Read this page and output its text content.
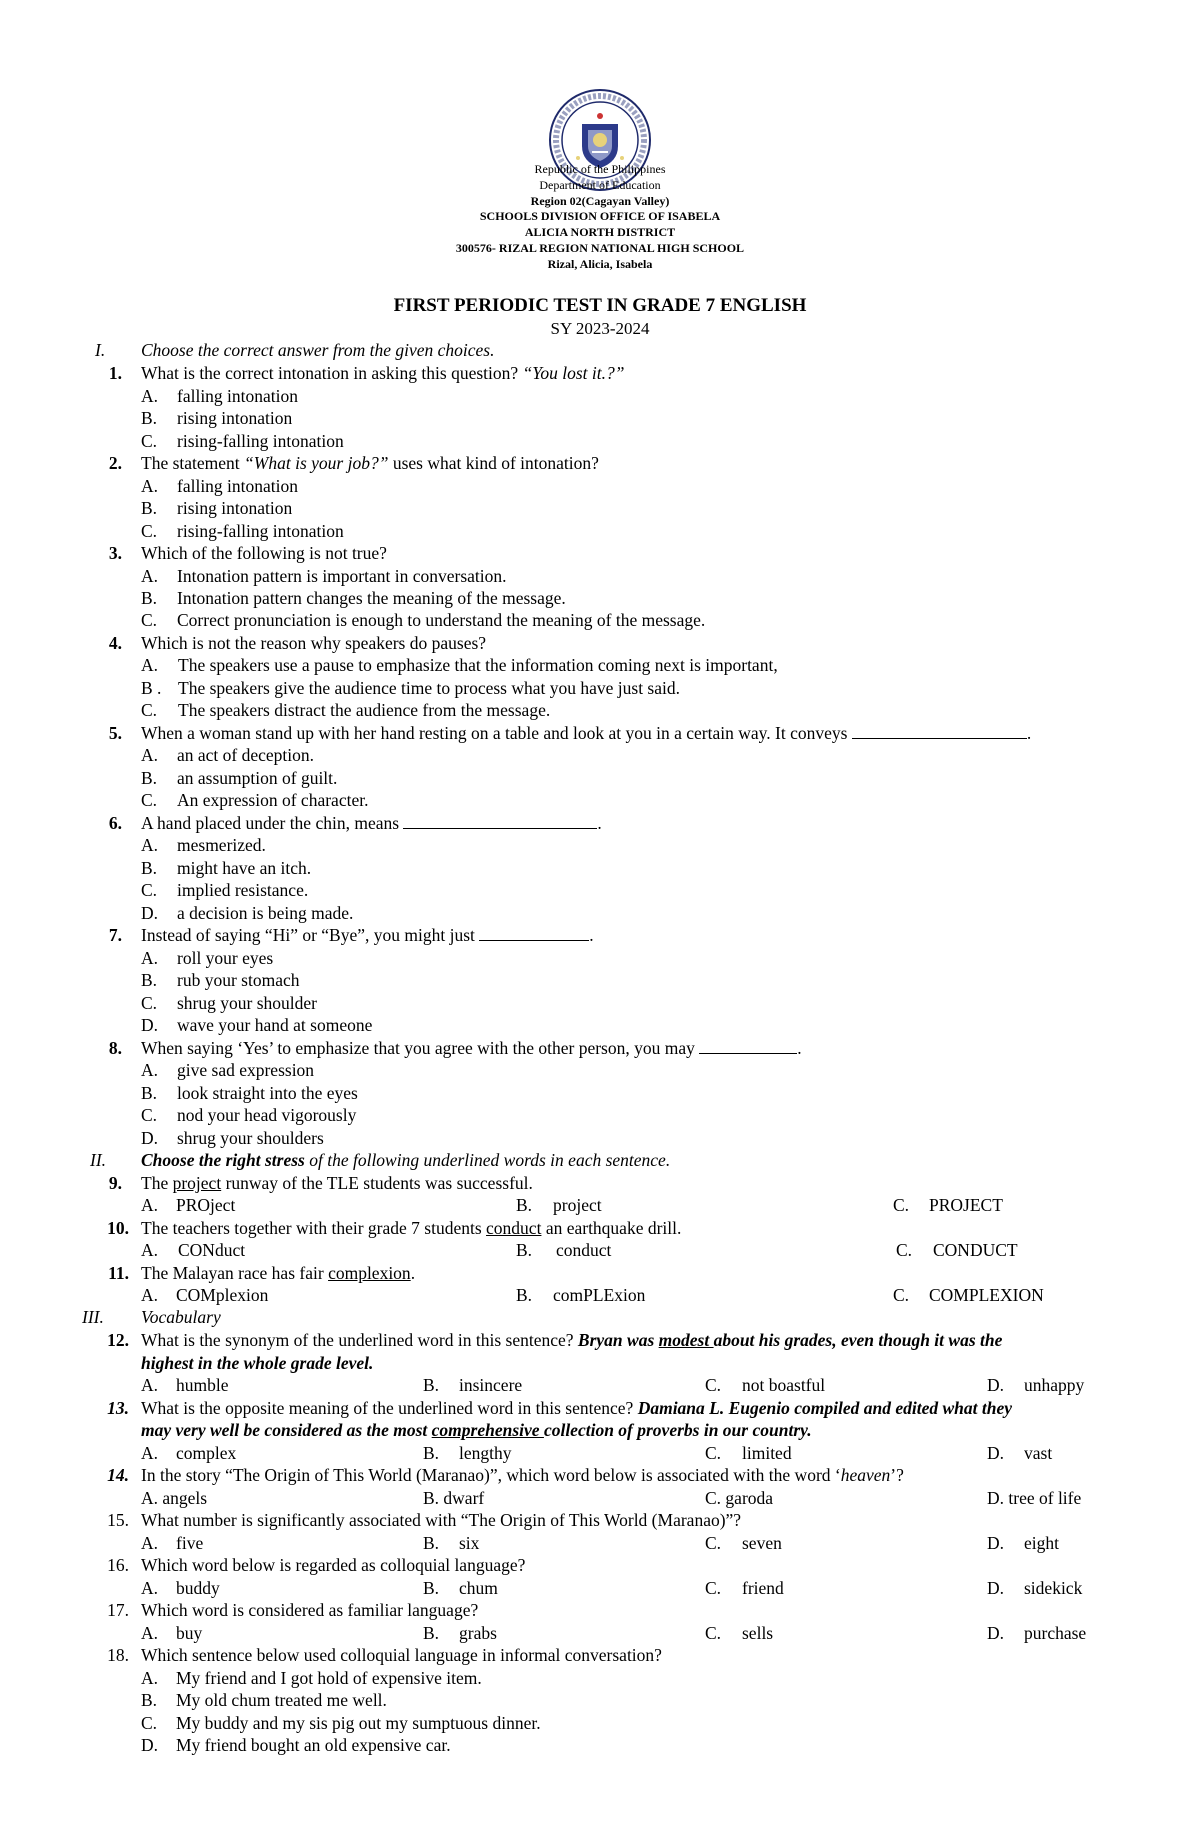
Republic of the Philippines
Department of Education
Region 02(Cagayan Valley)
SCHOOLS DIVISION OFFICE OF ISABELA
ALICIA NORTH DISTRICT
300576- RIZAL REGION NATIONAL HIGH SCHOOL
Rizal, Alicia, Isabela
FIRST PERIODIC TEST IN GRADE 7 ENGLISH
SY 2023-2024
I. Choose the correct answer from the given choices.
1. What is the correct intonation in asking this question? “You lost it.?”
A. falling intonation
B. rising intonation
C. rising-falling intonation
2. The statement “What is your job?” uses what kind of intonation?
A. falling intonation
B. rising intonation
C. rising-falling intonation
3. Which of the following is not true?
A. Intonation pattern is important in conversation.
B. Intonation pattern changes the meaning of the message.
C. Correct pronunciation is enough to understand the meaning of the message.
4. Which is not the reason why speakers do pauses?
A. The speakers use a pause to emphasize that the information coming next is important,
B . The speakers give the audience time to process what you have just said.
C. The speakers distract the audience from the message.
5. When a woman stand up with her hand resting on a table and look at you in a certain way. It conveys	.
A. an act of deception.
B. an assumption of guilt.
C. An expression of character.
6. A hand placed under the chin, means	.
A. mesmerized.
B. might have an itch.
C. implied resistance.
D. a decision is being made.
7. Instead of saying “Hi” or “Bye”, you might just	.
A. roll your eyes
B. rub your stomach
C. shrug your shoulder
D. wave your hand at someone
8. When saying ‘Yes’ to emphasize that you agree with the other person, you may	.
A. give sad expression
B. look straight into the eyes
C. nod your head vigorously
D. shrug your shoulders
II. Choose the right stress of the following underlined words in each sentence.
9. The project runway of the TLE students was successful.
A. PROject	B. project	C. PROJECT
10. The teachers together with their grade 7 students conduct an earthquake drill.
A. CONduct	B. conduct	C. CONDUCT
11. The Malayan race has fair complexion.
A. COMplexion	B. comPLExion	C. COMPLEXION
III. Vocabulary
12. What is the synonym of the underlined word in this sentence? Bryan was modest about his grades, even though it was the
highest in the whole grade level.
A. humble	B. insincere	C. not boastful	D. unhappy
13. What is the opposite meaning of the underlined word in this sentence? Damiana L. Eugenio compiled and edited what they
may very well be considered as the most comprehensive collection of proverbs in our country.
A. complex	B. lengthy	C. limited	D. vast
14. In the story “The Origin of This World (Maranao)”, which word below is associated with the word ‘heaven’?
A. angels	B. dwarf	C. garoda	D. tree of life
15. What number is significantly associated with “The Origin of This World (Maranao)”?
A. five	B. six	C. seven	D. eight
16. Which word below is regarded as colloquial language?
A. buddy	B. chum	C. friend	D. sidekick
17. Which word is considered as familiar language?
A. buy	B. grabs	C. sells	D. purchase
18. Which sentence below used colloquial language in informal conversation?
A. My friend and I got hold of expensive item.
B. My old chum treated me well.
C. My buddy and my sis pig out my sumptuous dinner.
D. My friend bought an old expensive car.
